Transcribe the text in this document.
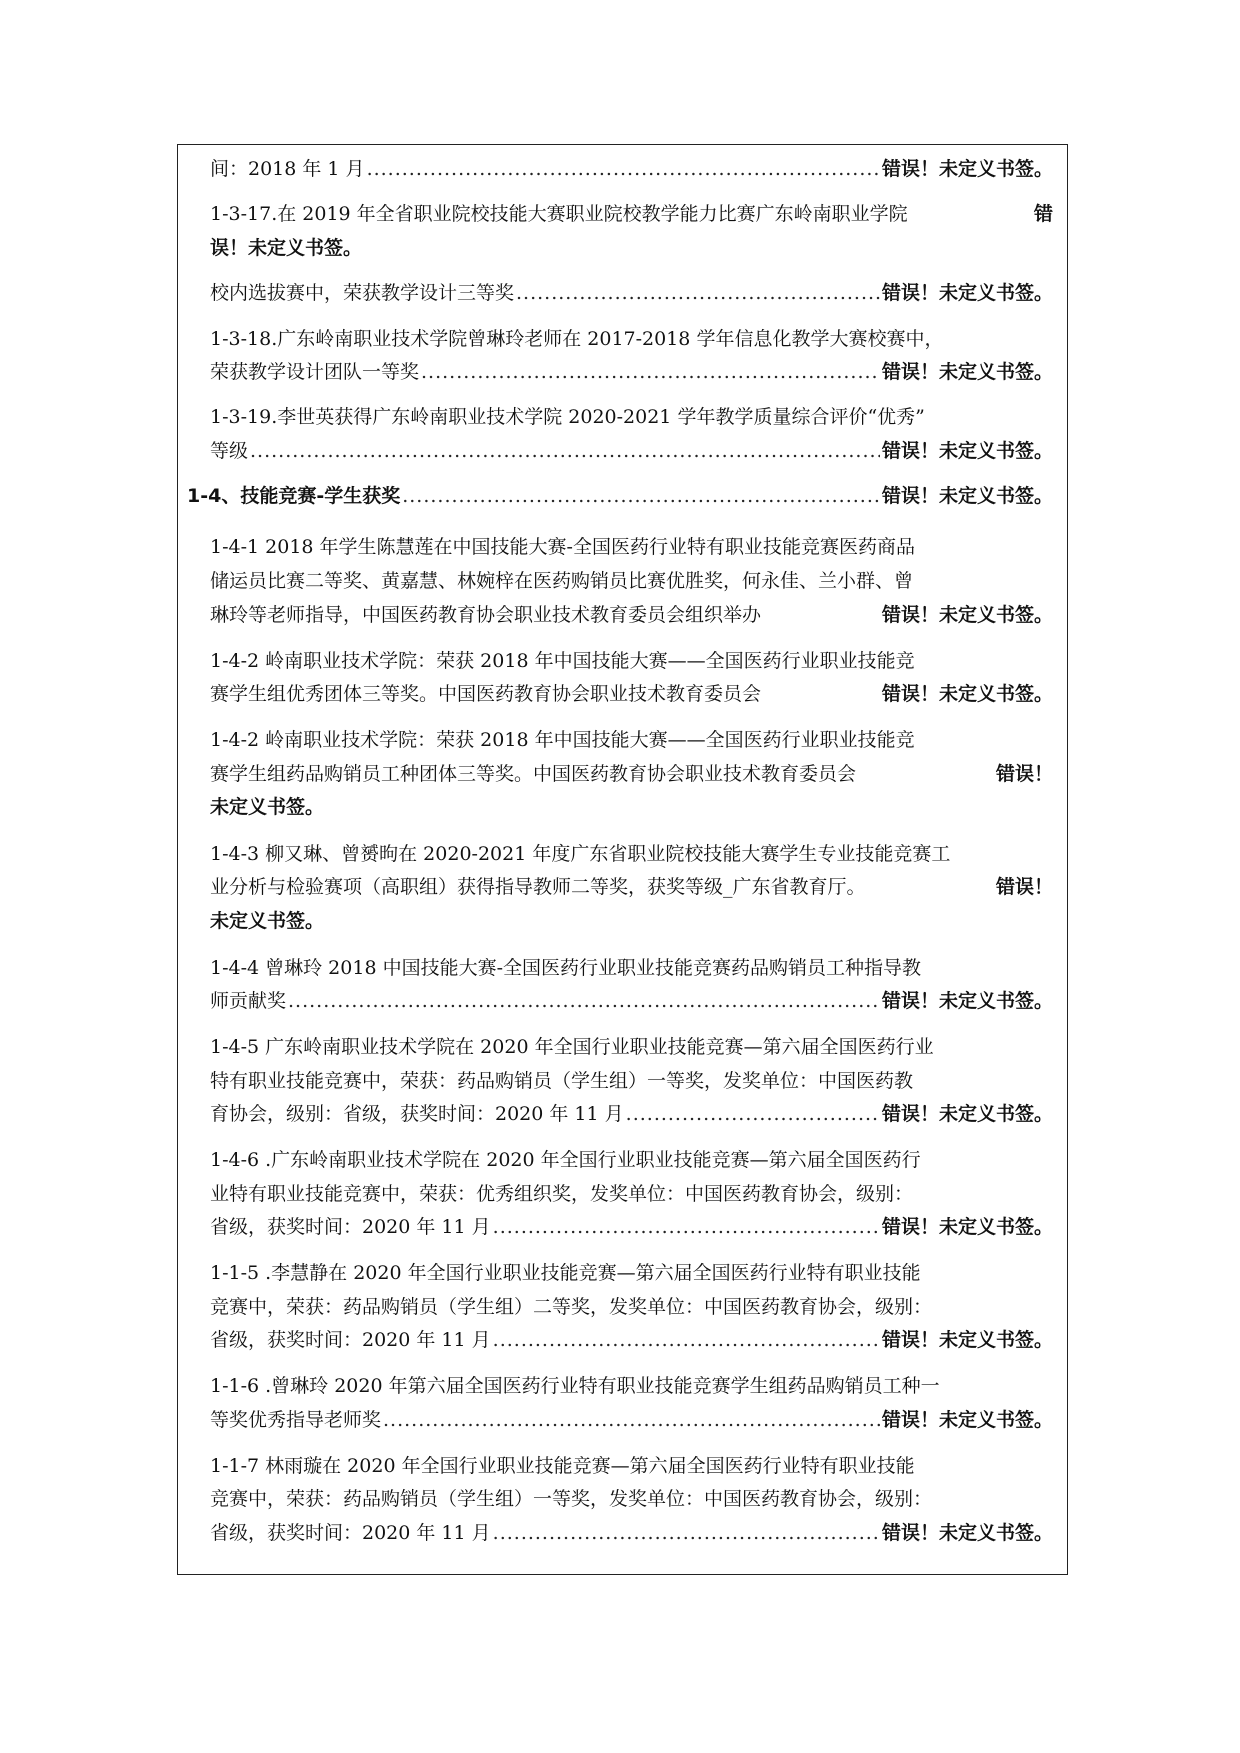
间：2018 年 1 月 .....	错误！未定义书签。
1-3-17.在 2019 年全省职业院校技能大赛职业院校教学能力比赛广东岭南职业学院	错
误！未定义书签。
校内选拔赛中，荣获教学设计三等奖 .....	错误！未定义书签。
1-3-18.广东岭南职业技术学院曾琳玲老师在 2017-2018 学年信息化教学大赛校赛中，
荣获教学设计团队一等奖 .....	错误！未定义书签。
1-3-19.李世英获得广东岭南职业技术学院 2020-2021 学年教学质量综合评价“优秀”
等级 .....	错误！未定义书签。
1-4、技能竞赛-学生获奖 .....	错误！未定义书签。
1-4-1 2018 年学生陈慧莲在中国技能大赛-全国医药行业特有职业技能竞赛医药商品
储运员比赛二等奖、黄嘉慧、林婉梓在医药购销员比赛优胜奖，何永佳、兰小群、曾
琳玲等老师指导，中国医药教育协会职业技术教育委员会组织举办	错误！未定义书签。
1-4-2 岭南职业技术学院：荣获 2018 年中国技能大赛——全国医药行业职业技能竞
赛学生组优秀团体三等奖。中国医药教育协会职业技术教育委员会	错误！未定义书签。
1-4-2 岭南职业技术学院：荣获 2018 年中国技能大赛——全国医药行业职业技能竞
赛学生组药品购销员工种团体三等奖。中国医药教育协会职业技术教育委员会	错误！
未定义书签。
1-4-3 柳又琳、曾赟昫在 2020-2021 年度广东省职业院校技能大赛学生专业技能竞赛工
业分析与检验赛项（高职组）获得指导教师二等奖，获奖等级_广东省教育厅。	错误！
未定义书签。
1-4-4 曾琳玲 2018 中国技能大赛-全国医药行业职业技能竞赛药品购销员工种指导教
师贡献奖 .....	错误！未定义书签。
1-4-5 广东岭南职业技术学院在 2020 年全国行业职业技能竞赛—第六届全国医药行业
特有职业技能竞赛中，荣获：药品购销员（学生组）一等奖，发奖单位：中国医药教
育协会，级别：省级，获奖时间：2020 年 11 月 .....	错误！未定义书签。
1-4-6 .广东岭南职业技术学院在 2020 年全国行业职业技能竞赛—第六届全国医药行
业特有职业技能竞赛中，荣获：优秀组织奖，发奖单位：中国医药教育协会，级别：
省级，获奖时间：2020 年 11 月 .....	错误！未定义书签。
1-1-5 .李慧静在 2020 年全国行业职业技能竞赛—第六届全国医药行业特有职业技能
竞赛中，荣获：药品购销员（学生组）二等奖，发奖单位：中国医药教育协会，级别：
省级，获奖时间：2020 年 11 月 .....	错误！未定义书签。
1-1-6 .曾琳玲 2020 年第六届全国医药行业特有职业技能竞赛学生组药品购销员工种一
等奖优秀指导老师奖 .....	错误！未定义书签。
1-1-7 林雨璇在 2020 年全国行业职业技能竞赛—第六届全国医药行业特有职业技能
竞赛中，荣获：药品购销员（学生组）一等奖，发奖单位：中国医药教育协会，级别：
省级，获奖时间：2020 年 11 月 .....	错误！未定义书签。
